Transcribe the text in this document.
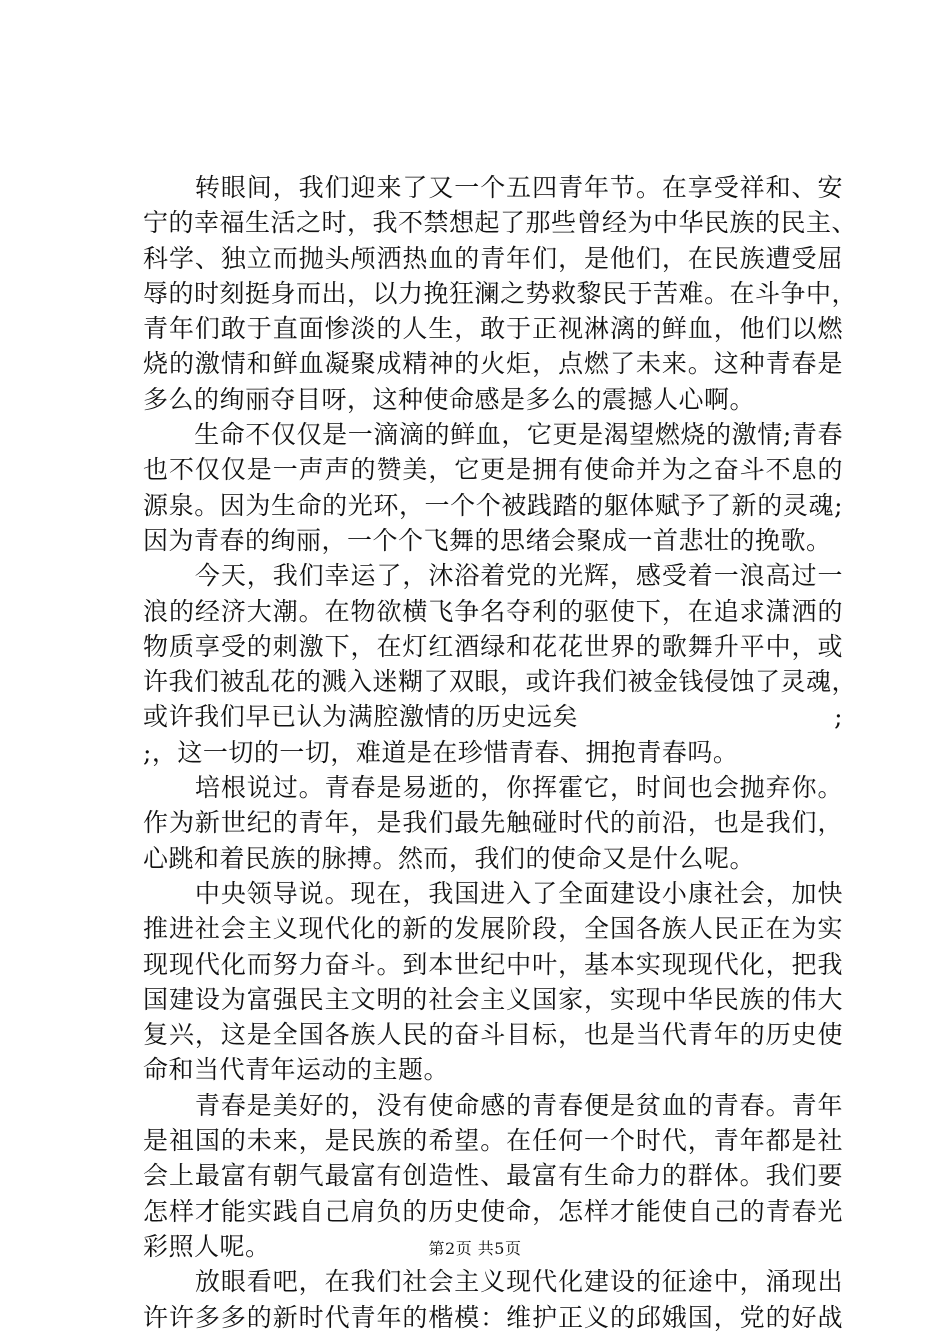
　　转眼间，我们迎来了又一个五四青年节。在享受祥和、安
宁的幸福生活之时，我不禁想起了那些曾经为中华民族的民主、
科学、独立而抛头颅洒热血的青年们，是他们，在民族遭受屈
辱的时刻挺身而出，以力挽狂澜之势救黎民于苦难。在斗争中，
青年们敢于直面惨淡的人生，敢于正视淋漓的鲜血，他们以燃
烧的激情和鲜血凝聚成精神的火炬，点燃了未来。这种青春是
多么的绚丽夺目呀，这种使命感是多么的震撼人心啊。
　　生命不仅仅是一滴滴的鲜血，它更是渴望燃烧的激情;青春
也不仅仅是一声声的赞美，它更是拥有使命并为之奋斗不息的
源泉。因为生命的光环，一个个被践踏的躯体赋予了新的灵魂;
因为青春的绚丽，一个个飞舞的思绪会聚成一首悲壮的挽歌。
　　今天，我们幸运了，沐浴着党的光辉，感受着一浪高过一
浪的经济大潮。在物欲横飞争名夺利的驱使下，在追求潇洒的
物质享受的刺激下，在灯红酒绿和花花世界的歌舞升平中，或
许我们被乱花的溅入迷糊了双眼，或许我们被金钱侵蚀了灵魂，
或许我们早已认为满腔激情的历史远矣　　　　　　　　　　;
;，这一切的一切，难道是在珍惜青春、拥抱青春吗。
　　培根说过。青春是易逝的，你挥霍它，时间也会抛弃你。
作为新世纪的青年，是我们最先触碰时代的前沿，也是我们，
心跳和着民族的脉搏。然而，我们的使命又是什么呢。
　　中央领导说。现在，我国进入了全面建设小康社会，加快
推进社会主义现代化的新的发展阶段，全国各族人民正在为实
现现代化而努力奋斗。到本世纪中叶，基本实现现代化，把我
国建设为富强民主文明的社会主义国家，实现中华民族的伟大
复兴，这是全国各族人民的奋斗目标，也是当代青年的历史使
命和当代青年运动的主题。
　　青春是美好的，没有使命感的青春便是贫血的青春。青年
是祖国的未来，是民族的希望。在任何一个时代，青年都是社
会上最富有朝气最富有创造性、最富有生命力的群体。我们要
怎样才能实践自己肩负的历史使命，怎样才能使自己的青春光
彩照人呢。
　　放眼看吧，在我们社会主义现代化建设的征途中，涌现出
许许多多的新时代青年的楷模：维护正义的邱娥国，党的好战
第2页 共5页
